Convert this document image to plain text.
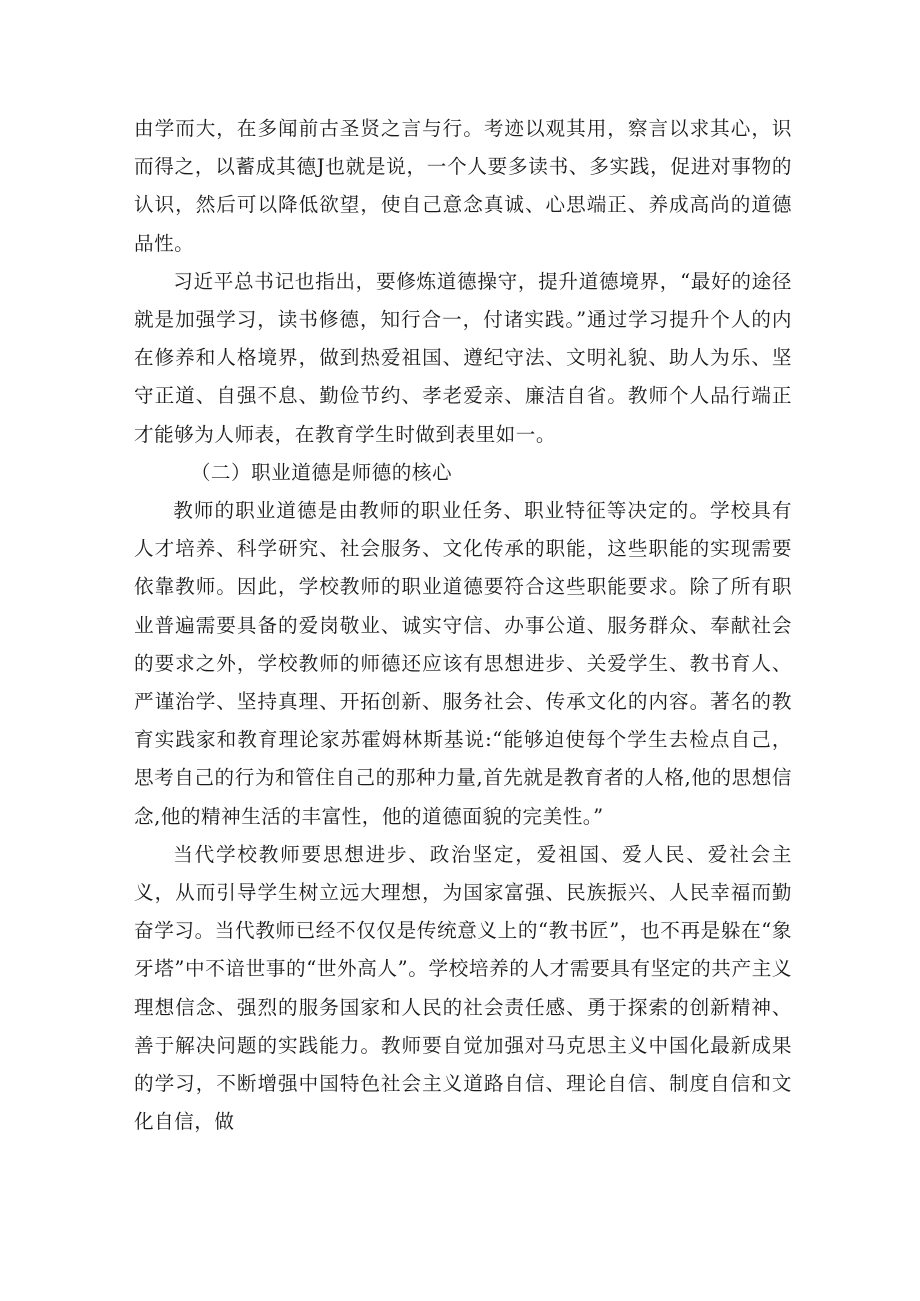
由学而大，在多闻前古圣贤之言与行。考迹以观其用，察言以求其心，识而得之，以蓄成其德J也就是说，一个人要多读书、多实践，促进对事物的认识，然后可以降低欲望，使自己意念真诚、心思端正、养成高尚的道德品性。

习近平总书记也指出，要修炼道德操守，提升道德境界，“最好的途径就是加强学习，读书修德，知行合一，付诸实践。”通过学习提升个人的内在修养和人格境界，做到热爱祖国、遵纪守法、文明礼貌、助人为乐、坚守正道、自强不息、勤俭节约、孝老爱亲、廉洁自省。教师个人品行端正才能够为人师表，在教育学生时做到表里如一。

（二）职业道德是师德的核心

教师的职业道德是由教师的职业任务、职业特征等决定的。学校具有人才培养、科学研究、社会服务、文化传承的职能，这些职能的实现需要依靠教师。因此，学校教师的职业道德要符合这些职能要求。除了所有职业普遍需要具备的爱岗敬业、诚实守信、办事公道、服务群众、奉献社会的要求之外，学校教师的师德还应该有思想进步、关爱学生、教书育人、严谨治学、坚持真理、开拓创新、服务社会、传承文化的内容。著名的教育实践家和教育理论家苏霍姆林斯基说:“能够迫使每个学生去检点自己，思考自己的行为和管住自己的那种力量,首先就是教育者的人格,他的思想信念,他的精神生活的丰富性，他的道德面貌的完美性。”

当代学校教师要思想进步、政治坚定，爱祖国、爱人民、爱社会主义，从而引导学生树立远大理想，为国家富强、民族振兴、人民幸福而勤奋学习。当代教师已经不仅仅是传统意义上的“教书匠”，也不再是躲在“象牙塔”中不谙世事的“世外高人”。学校培养的人才需要具有坚定的共产主义理想信念、强烈的服务国家和人民的社会责任感、勇于探索的创新精神、善于解决问题的实践能力。教师要自觉加强对马克思主义中国化最新成果的学习，不断增强中国特色社会主义道路自信、理论自信、制度自信和文化自信，做
